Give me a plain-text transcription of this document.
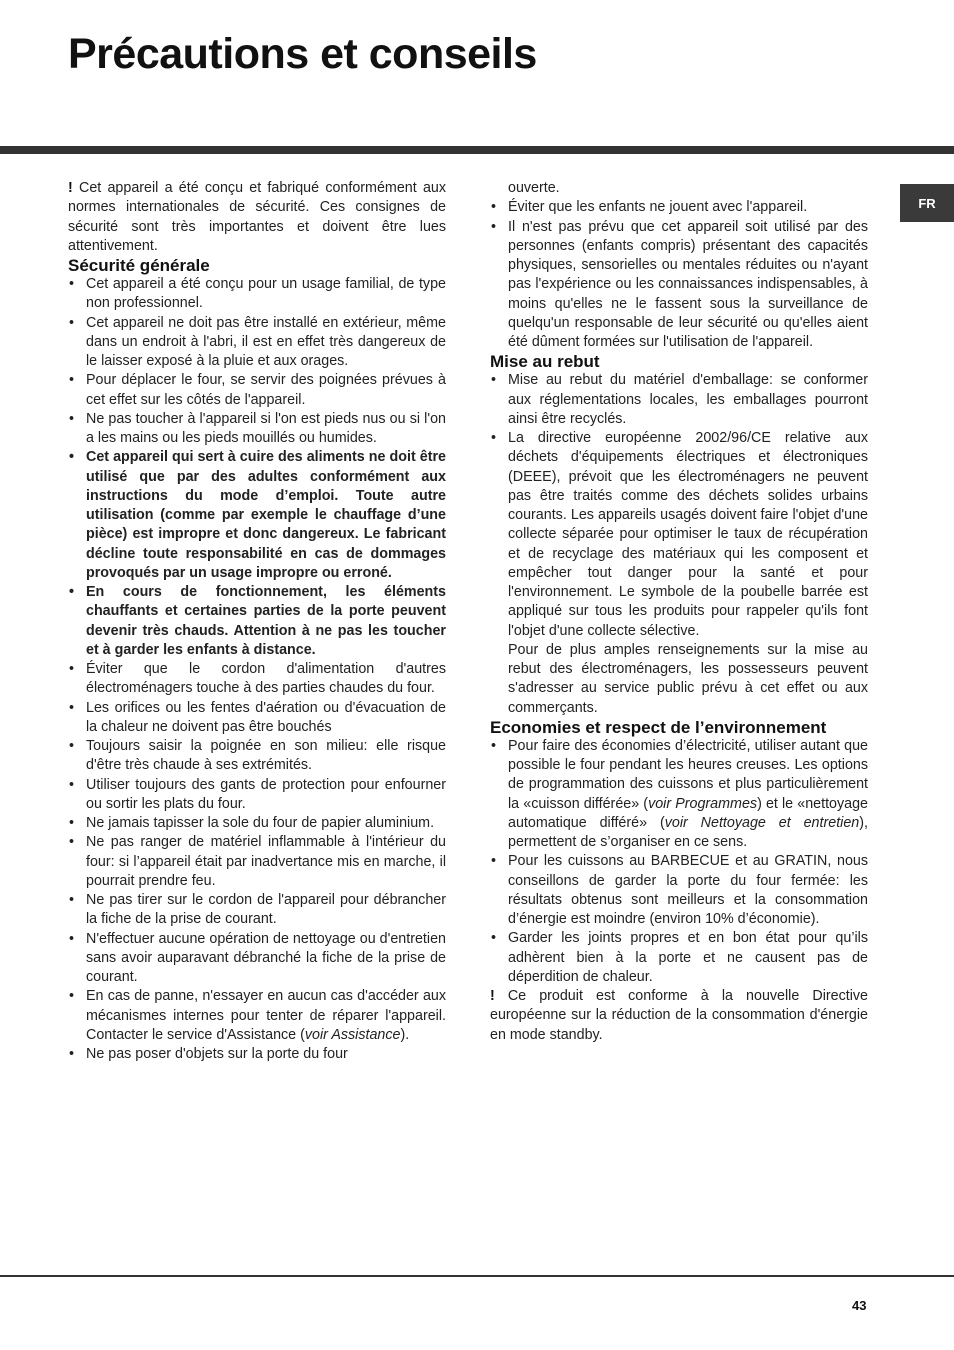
Précautions et conseils
FR

! Cet appareil a été conçu et fabriqué conformément aux normes internationales de sécurité. Ces consignes de sécurité sont très importantes et doivent être lues attentivement.

Sécurité générale
• Cet appareil a été conçu pour un usage familial, de type non professionnel.
• Cet appareil ne doit pas être installé en extérieur, même dans un endroit à l'abri, il est en effet très dangereux de le laisser exposé à la pluie et aux orages.
• Pour déplacer le four, se servir des poignées prévues à cet effet sur les côtés de l'appareil.
• Ne pas toucher à l'appareil si l'on est pieds nus ou si l'on a les mains ou les pieds mouillés ou humides.
• Cet appareil qui sert à cuire des aliments ne doit être utilisé que par des adultes conformément aux instructions du mode d’emploi. Toute autre utilisation (comme par exemple le chauffage d’une pièce) est impropre et donc dangereux. Le fabricant décline toute responsabilité en cas de dommages provoqués par un usage impropre ou erroné.
• En cours de fonctionnement, les éléments chauffants et certaines parties de la porte peuvent devenir très chauds. Attention à ne pas les toucher et à garder les enfants à distance.
• Éviter que le cordon d'alimentation d'autres électroménagers touche à des parties chaudes du four.
• Les orifices ou les fentes d'aération ou d'évacuation de la chaleur ne doivent pas être bouchés
• Toujours saisir la poignée en son milieu: elle risque d'être très chaude à ses extrémités.
• Utiliser toujours des gants de protection pour enfourner ou sortir les plats du four.
• Ne jamais tapisser la sole du four de papier aluminium.
• Ne pas ranger de matériel inflammable à l'intérieur du four: si l’appareil était par inadvertance mis en marche, il pourrait prendre feu.
• Ne pas tirer sur le cordon de l'appareil pour débrancher la fiche de la prise de courant.
• N'effectuer aucune opération de nettoyage ou d'entretien sans avoir auparavant débranché la fiche de la prise de courant.
• En cas de panne, n'essayer en aucun cas d'accéder aux mécanismes internes pour tenter de réparer l'appareil. Contacter le service d'Assistance (voir Assistance).
• Ne pas poser d'objets sur la porte du four

ouverte.

• Éviter que les enfants ne jouent avec l'appareil.
• Il n'est pas prévu que cet appareil soit utilisé par des personnes (enfants compris) présentant des capacités physiques, sensorielles ou mentales réduites ou n'ayant pas l'expérience ou les connaissances indispensables, à moins qu'elles ne le fassent sous la surveillance de quelqu'un responsable de leur sécurité ou qu'elles aient été dûment formées sur l'utilisation de l'appareil.
Mise au rebut
• Mise au rebut du matériel d'emballage: se conformer aux réglementations locales, les emballages pourront ainsi être recyclés.
• La directive européenne 2002/96/CE relative aux déchets d'équipements électriques et électroniques (DEEE), prévoit que les électroménagers ne peuvent pas être traités comme des déchets solides urbains courants. Les appareils usagés doivent faire l'objet d'une collecte séparée pour optimiser le taux de récupération et de recyclage des matériaux qui les composent et empêcher tout danger pour la santé et pour l'environnement. Le symbole de la poubelle barrée est appliqué sur tous les produits pour rappeler qu'ils font l'objet d'une collecte sélective.

Pour de plus amples renseignements sur la mise au rebut des électroménagers, les possesseurs peuvent s'adresser au service public prévu à cet effet ou aux commerçants.

Economies et respect de l’environnement
• Pour faire des économies d’électricité, utiliser autant que possible le four pendant les heures creuses. Les options de programmation des cuissons et plus particulièrement la «cuisson différée» (voir Programmes) et le «nettoyage automatique différé» (voir Nettoyage et entretien), permettent de s’organiser en ce sens.
• Pour les cuissons au BARBECUE et au GRATIN, nous conseillons de garder la porte du four fermée: les résultats obtenus sont meilleurs et la consommation d’énergie est moindre (environ 10% d’économie).
• Garder les joints propres et en bon état pour qu’ils adhèrent bien à la porte et ne causent pas de déperdition de chaleur.

! Ce produit est conforme à la nouvelle Directive européenne sur la réduction de la consommation d'énergie en mode standby.

43
